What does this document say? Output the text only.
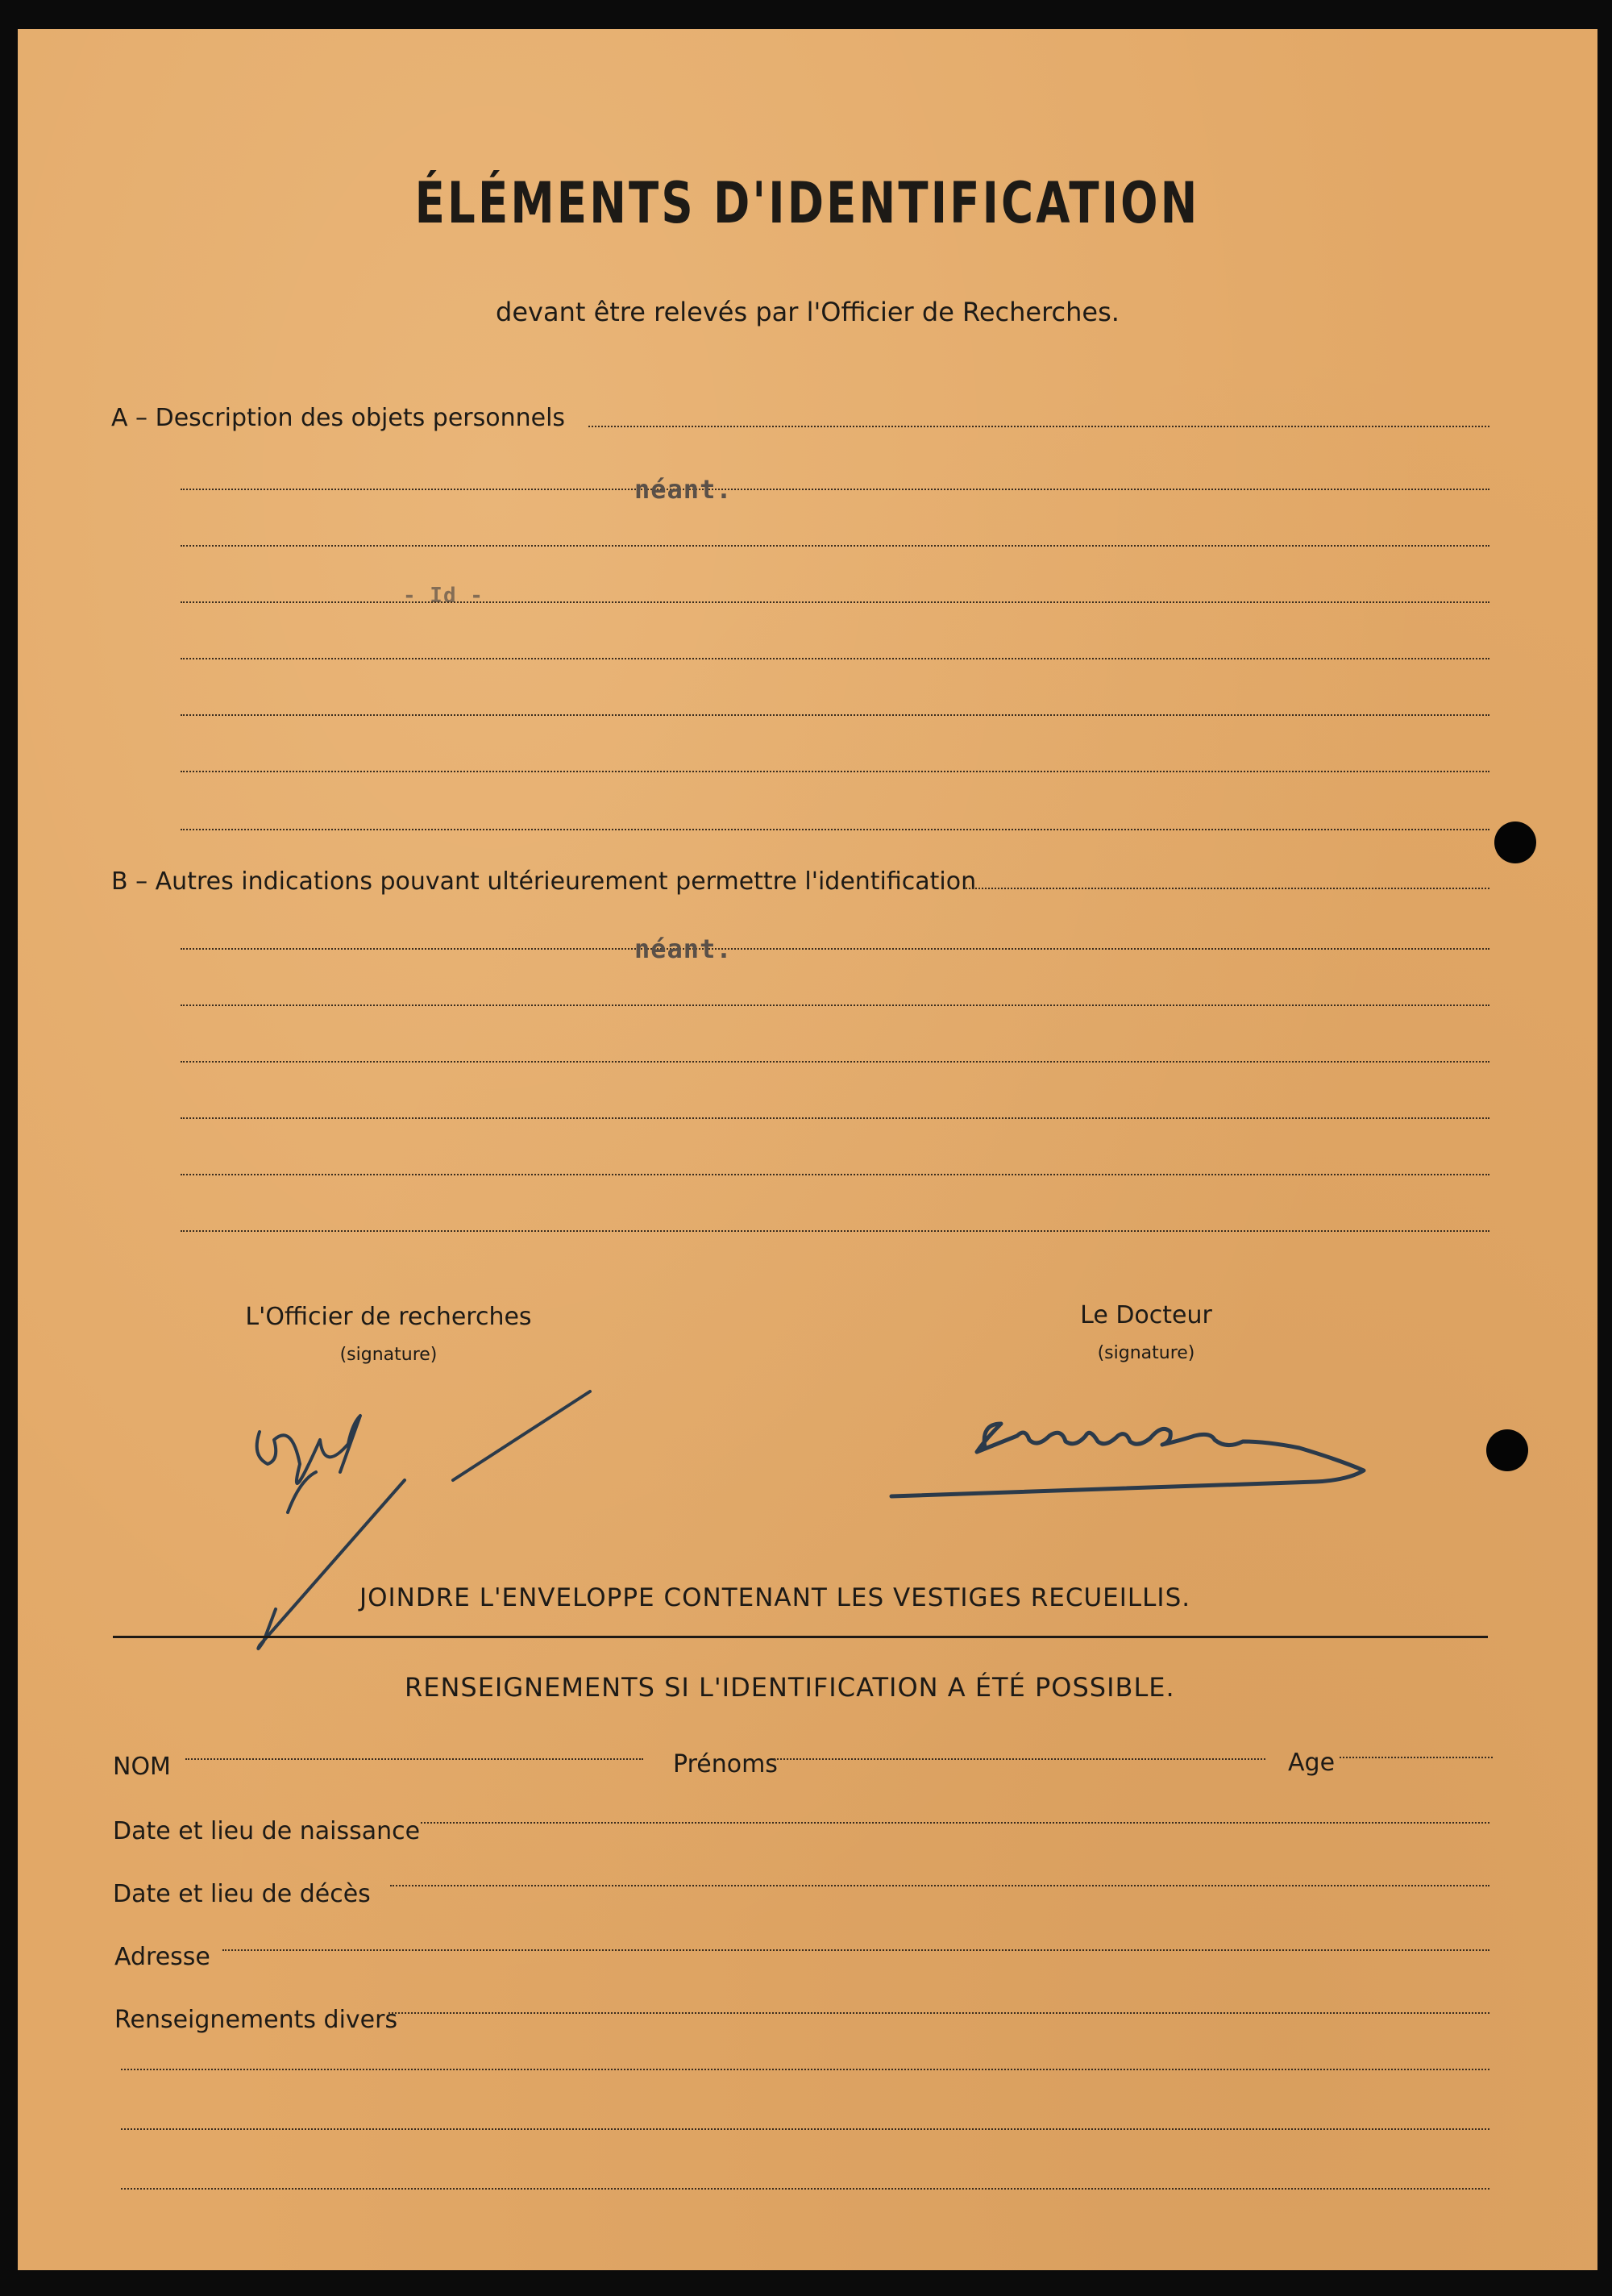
ÉLÉMENTS D'IDENTIFICATION
devant être relevés par l'Officier de Recherches.
A – Description des objets personnels
néant.
- Id -
B – Autres indications pouvant ultérieurement permettre l'identification
néant.
L'Officier de recherches
(signature)
Le Docteur
(signature)
JOINDRE L'ENVELOPPE CONTENANT LES VESTIGES RECUEILLIS.
RENSEIGNEMENTS SI L'IDENTIFICATION A ÉTÉ POSSIBLE.
NOM	Prénoms	Age
Date et lieu de naissance
Date et lieu de décès
Adresse
Renseignements divers
